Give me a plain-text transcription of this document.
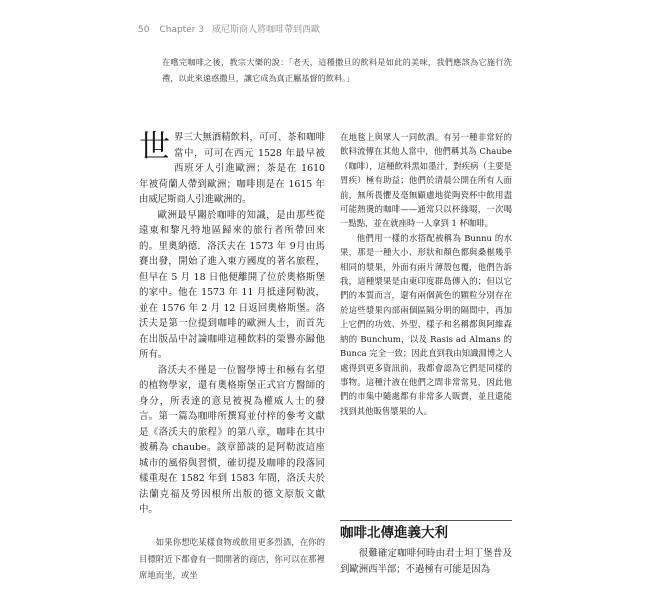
50 Chapter 3 威尼斯商人將咖啡帶到西歐
在嚐完咖啡之後，教宗大樂的說：「老天，這種撒旦的飲料是如此的美味，我們應該為它施行洗禮，以此來遠惑撒旦，讓它成為真正屬基督的飲料。」

世界三大無酒精飲料，可可、茶和咖啡當中，可可在西元 1528 年最早被西班牙人引進歐洲；茶是在 1610 年被荷蘭人帶到歐洲；咖啡則是在 1615 年由威尼斯商人引進歐洲的。

歐洲最早關於咖啡的知識，是由那些從遠東和黎凡特地區歸來的旅行者所帶回來的。里奧納德．洛沃夫在 1573 年 9月由馬賽出發，開始了進入東方國度的著名旅程，但早在 5 月 18 日他便離開了位於奧格斯堡的家中。他在 1573 年 11 月抵達阿勒波，並在 1576 年 2 月 12 日返回奧格斯堡。洛沃夫是第一位提到咖啡的歐洲人士，而首先在出版品中討論咖啡這種飲料的榮譽亦歸他所有。

洛沃夫不僅是一位醫學博士和極有名望的植物學家，還有奧格斯堡正式官方醫師的身分，所表達的意見被視為權威人士的發言。第一篇為咖啡所撰寫並付梓的參考文獻是《洛沃夫的旅程》的第八章，咖啡在其中被稱為 chaube。該章節談的是阿勒波這座城市的風俗與習慣，確切提及咖啡的段落同樣重現在 1582 年到 1583 年間，洛沃夫於法蘭克福及勞因根所出版的德文原版文獻中。

如果你想吃某樣食物或飲用更多烈酒，在你的目標附近下都會有一間開著的商店，你可以在那裡席地而坐，或坐

在地毯上與眾人一同飲酒。有另一種非常好的飲料流傳在其他人當中，他們稱其為 Chaube（咖啡），這種飲料黑如墨汁，對疾病（主要是胃疾）極有助益；他們於清晨公開在所有人面前，無所畏懼及毫無顧慮地從陶瓷杯中飲用盡可能熱燙的咖啡——通常只以杯緣啜，一次喝一點點，並在就座時一人拿到 1 杯咖啡。

他們用一樣的水搭配被稱為 Bunnu 的水果，那是一種大小、形狀和顏色都與桑椹幾乎相同的漿果，外面有兩片薄殼包覆，他們告訴我，這種漿果是由東印度群島傳入的；但以它們的本質而言，還有兩個黃色的顆粒分別存在於這些漿果內部兩個區隔分明的隔間中，再加上它們的功效、外型、樣子和名稱都與阿維森納的 Bunchum，以及 Rasis ad Almans 的 Bunca 完全一致；因此直到我由知識淵博之人處得到更多資訊前，我都會認為它們是同樣的事物。這種汁液在他們之間非常常見，因此他們的市集中隨處都有非常多人販賣，並且還能找到其他販售漿果的人。

咖啡北傳進義大利

很難確定咖啡何時由君士坦丁堡普及到歐洲西半部；不過極有可能是因為
